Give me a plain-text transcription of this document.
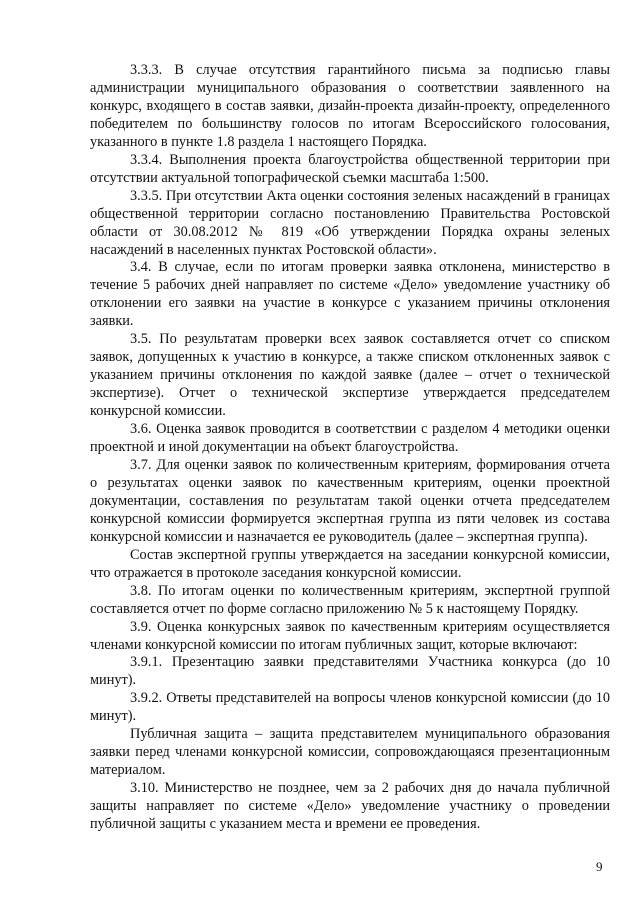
3.3.3. В случае отсутствия гарантийного письма за подписью главы администрации муниципального образования о соответствии заявленного на конкурс, входящего в состав заявки, дизайн-проекта дизайн-проекту, определенного победителем по большинству голосов по итогам Всероссийского голосования, указанного в пункте 1.8 раздела 1 настоящего Порядка.

3.3.4. Выполнения проекта благоустройства общественной территории при отсутствии актуальной топографической съемки масштаба 1:500.

3.3.5. При отсутствии Акта оценки состояния зеленых насаждений в границах общественной территории согласно постановлению Правительства Ростовской области от 30.08.2012 № 819 «Об утверждении Порядка охраны зеленых насаждений в населенных пунктах Ростовской области».

3.4. В случае, если по итогам проверки заявка отклонена, министерство в течение 5 рабочих дней направляет по системе «Дело» уведомление участнику об отклонении его заявки на участие в конкурсе с указанием причины отклонения заявки.

3.5. По результатам проверки всех заявок составляется отчет со списком заявок, допущенных к участию в конкурсе, а также списком отклоненных заявок с указанием причины отклонения по каждой заявке (далее – отчет о технической экспертизе). Отчет о технической экспертизе утверждается председателем конкурсной комиссии.

3.6. Оценка заявок проводится в соответствии с разделом 4 методики оценки проектной и иной документации на объект благоустройства.

3.7. Для оценки заявок по количественным критериям, формирования отчета о результатах оценки заявок по качественным критериям, оценки проектной документации, составления по результатам такой оценки отчета председателем конкурсной комиссии формируется экспертная группа из пяти человек из состава конкурсной комиссии и назначается ее руководитель (далее – экспертная группа).

Состав экспертной группы утверждается на заседании конкурсной комиссии, что отражается в протоколе заседания конкурсной комиссии.

3.8. По итогам оценки по количественным критериям, экспертной группой составляется отчет по форме согласно приложению № 5 к настоящему Порядку.

3.9. Оценка конкурсных заявок по качественным критериям осуществляется членами конкурсной комиссии по итогам публичных защит, которые включают:

3.9.1. Презентацию заявки представителями Участника конкурса (до 10 минут).

3.9.2. Ответы представителей на вопросы членов конкурсной комиссии (до 10 минут).

Публичная защита – защита представителем муниципального образования заявки перед членами конкурсной комиссии, сопровождающаяся презентационным материалом.

3.10. Министерство не позднее, чем за 2 рабочих дня до начала публичной защиты направляет по системе «Дело» уведомление участнику о проведении публичной защиты с указанием места и времени ее проведения.

9
